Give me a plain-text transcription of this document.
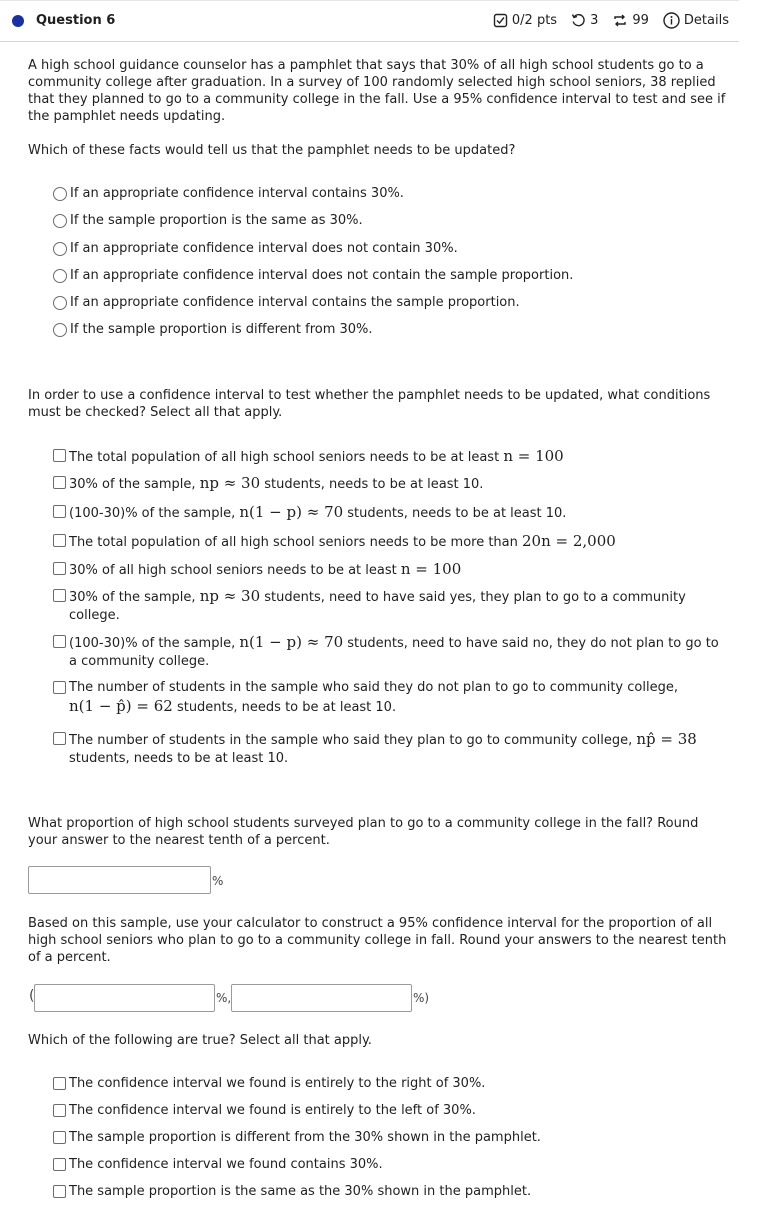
Question 6	0/2 pts	3	99	Details
A high school guidance counselor has a pamphlet that says that 30% of all high school students go to a community college after graduation. In a survey of 100 randomly selected high school seniors, 38 replied that they planned to go to a community college in the fall. Use a 95% confidence interval to test and see if the pamphlet needs updating.
Which of these facts would tell us that the pamphlet needs to be updated?
If an appropriate confidence interval contains 30%.
If the sample proportion is the same as 30%.
If an appropriate confidence interval does not contain 30%.
If an appropriate confidence interval does not contain the sample proportion.
If an appropriate confidence interval contains the sample proportion.
If the sample proportion is different from 30%.
In order to use a confidence interval to test whether the pamphlet needs to be updated, what conditions must be checked? Select all that apply.
The total population of all high school seniors needs to be at least n = 100
30% of the sample, np ≈ 30 students, needs to be at least 10.
(100-30)% of the sample, n(1 − p) ≈ 70 students, needs to be at least 10.
The total population of all high school seniors needs to be more than 20n = 2,000
30% of all high school seniors needs to be at least n = 100
30% of the sample, np ≈ 30 students, need to have said yes, they plan to go to a community college.
(100-30)% of the sample, n(1 − p) ≈ 70 students, need to have said no, they do not plan to go to a community college.
The number of students in the sample who said they do not plan to go to community college, n(1 − p̂) = 62 students, needs to be at least 10.
The number of students in the sample who said they plan to go to community college, np̂ = 38 students, needs to be at least 10.
What proportion of high school students surveyed plan to go to a community college in the fall? Round your answer to the nearest tenth of a percent.
%
Based on this sample, use your calculator to construct a 95% confidence interval for the proportion of all high school seniors who plan to go to a community college in fall. Round your answers to the nearest tenth of a percent.
(	%,	%)
Which of the following are true? Select all that apply.
The confidence interval we found is entirely to the right of 30%.
The confidence interval we found is entirely to the left of 30%.
The sample proportion is different from the 30% shown in the pamphlet.
The confidence interval we found contains 30%.
The sample proportion is the same as the 30% shown in the pamphlet.
